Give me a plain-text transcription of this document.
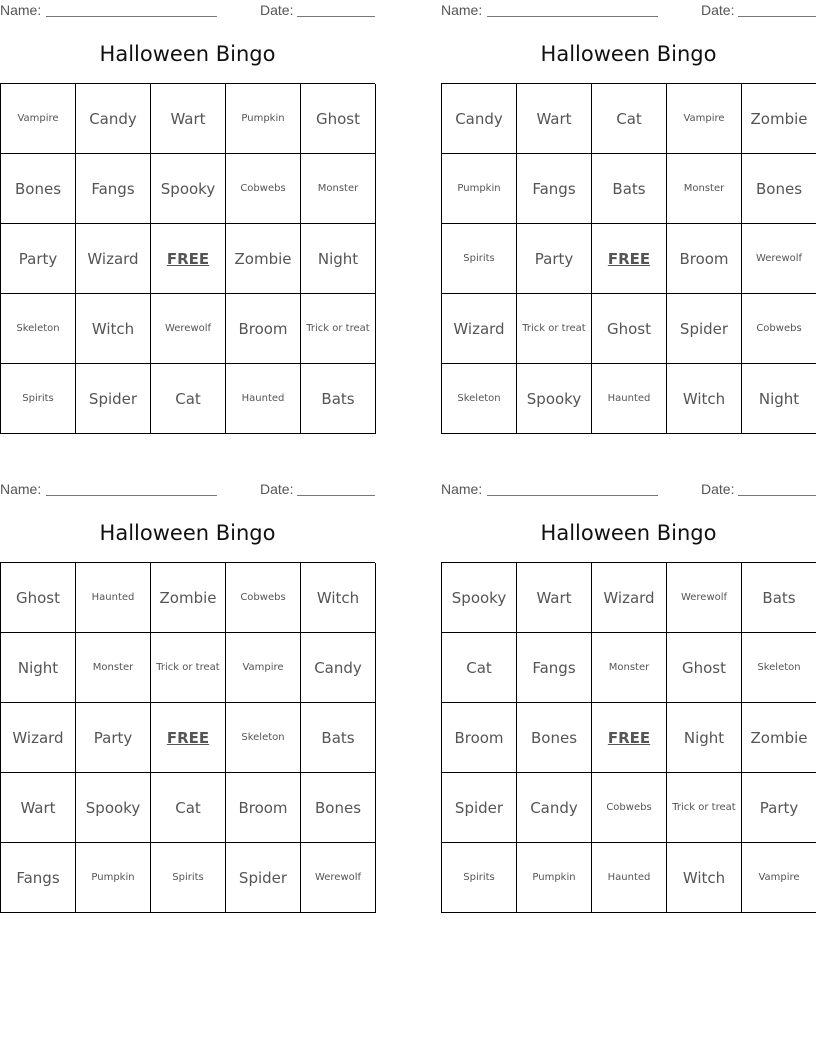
Name:	Date:
Halloween Bingo
Vampire	Candy	Wart	Pumpkin	Ghost
Bones	Fangs	Spooky	Cobwebs	Monster
Party	Wizard	FREE	Zombie	Night
Skeleton	Witch	Werewolf	Broom	Trick or treat
Spirits	Spider	Cat	Haunted	Bats
Name:	Date:
Halloween Bingo
Candy	Wart	Cat	Vampire	Zombie
Pumpkin	Fangs	Bats	Monster	Bones
Spirits	Party	FREE	Broom	Werewolf
Wizard	Trick or treat	Ghost	Spider	Cobwebs
Skeleton	Spooky	Haunted	Witch	Night
Name:	Date:
Halloween Bingo
Ghost	Haunted	Zombie	Cobwebs	Witch
Night	Monster	Trick or treat	Vampire	Candy
Wizard	Party	FREE	Skeleton	Bats
Wart	Spooky	Cat	Broom	Bones
Fangs	Pumpkin	Spirits	Spider	Werewolf
Name:	Date:
Halloween Bingo
Spooky	Wart	Wizard	Werewolf	Bats
Cat	Fangs	Monster	Ghost	Skeleton
Broom	Bones	FREE	Night	Zombie
Spider	Candy	Cobwebs	Trick or treat	Party
Spirits	Pumpkin	Haunted	Witch	Vampire
